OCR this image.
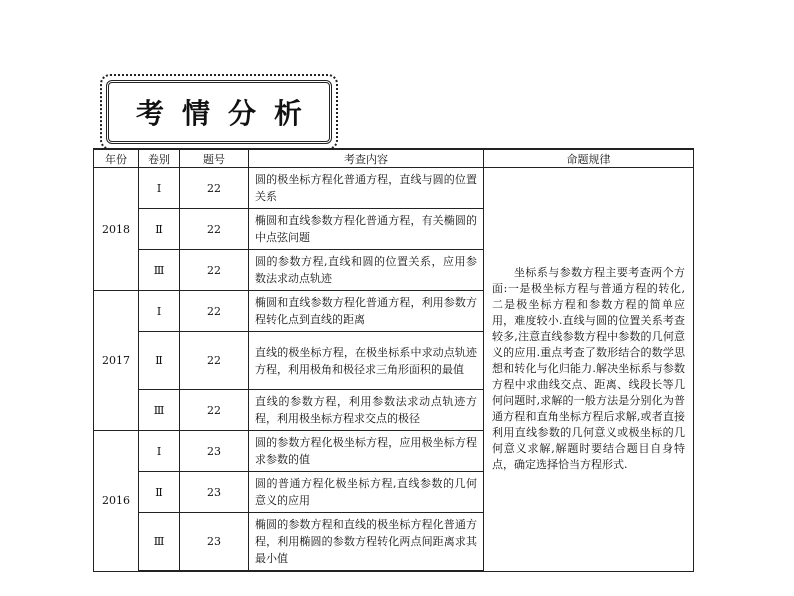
考情分析
年份	卷别	题号	考查内容	命题规律
2018	Ⅰ	22	圆的极坐标方程化普通方程，直线与圆的位置关系	坐标系与参数方程主要考查两个方面:一是极坐标方程与普通方程的转化,二是极坐标方程和参数方程的简单应用，难度较小.直线与圆的位置关系考查较多,注意直线参数方程中参数的几何意义的应用.重点考查了数形结合的数学思想和转化与化归能力.解决坐标系与参数方程中求曲线交点、距离、线段长等几何问题时,求解的一般方法是分别化为普通方程和直角坐标方程后求解,或者直接利用直线参数的几何意义或极坐标的几何意义求解,解题时要结合题目自身特点，确定选择恰当方程形式.

	Ⅱ	22	椭圆和直线参数方程化普通方程，有关椭圆的中点弦问题	
	Ⅲ	22	圆的参数方程,直线和圆的位置关系，应用参数法求动点轨迹	
2017	Ⅰ	22	椭圆和直线参数方程化普通方程，利用参数方程转化点到直线的距离	
	Ⅱ	22	直线的极坐标方程，在极坐标系中求动点轨迹方程，利用极角和极径求三角形面积的最值	
	Ⅲ	22	直线的参数方程，利用参数法求动点轨迹方程，利用极坐标方程求交点的极径	
2016	Ⅰ	23	圆的参数方程化极坐标方程，应用极坐标方程求参数的值	
	Ⅱ	23	圆的普通方程化极坐标方程,直线参数的几何意义的应用	
	Ⅲ	23	椭圆的参数方程和直线的极坐标方程化普通方程，利用椭圆的参数方程转化两点间距离求其最小值	
